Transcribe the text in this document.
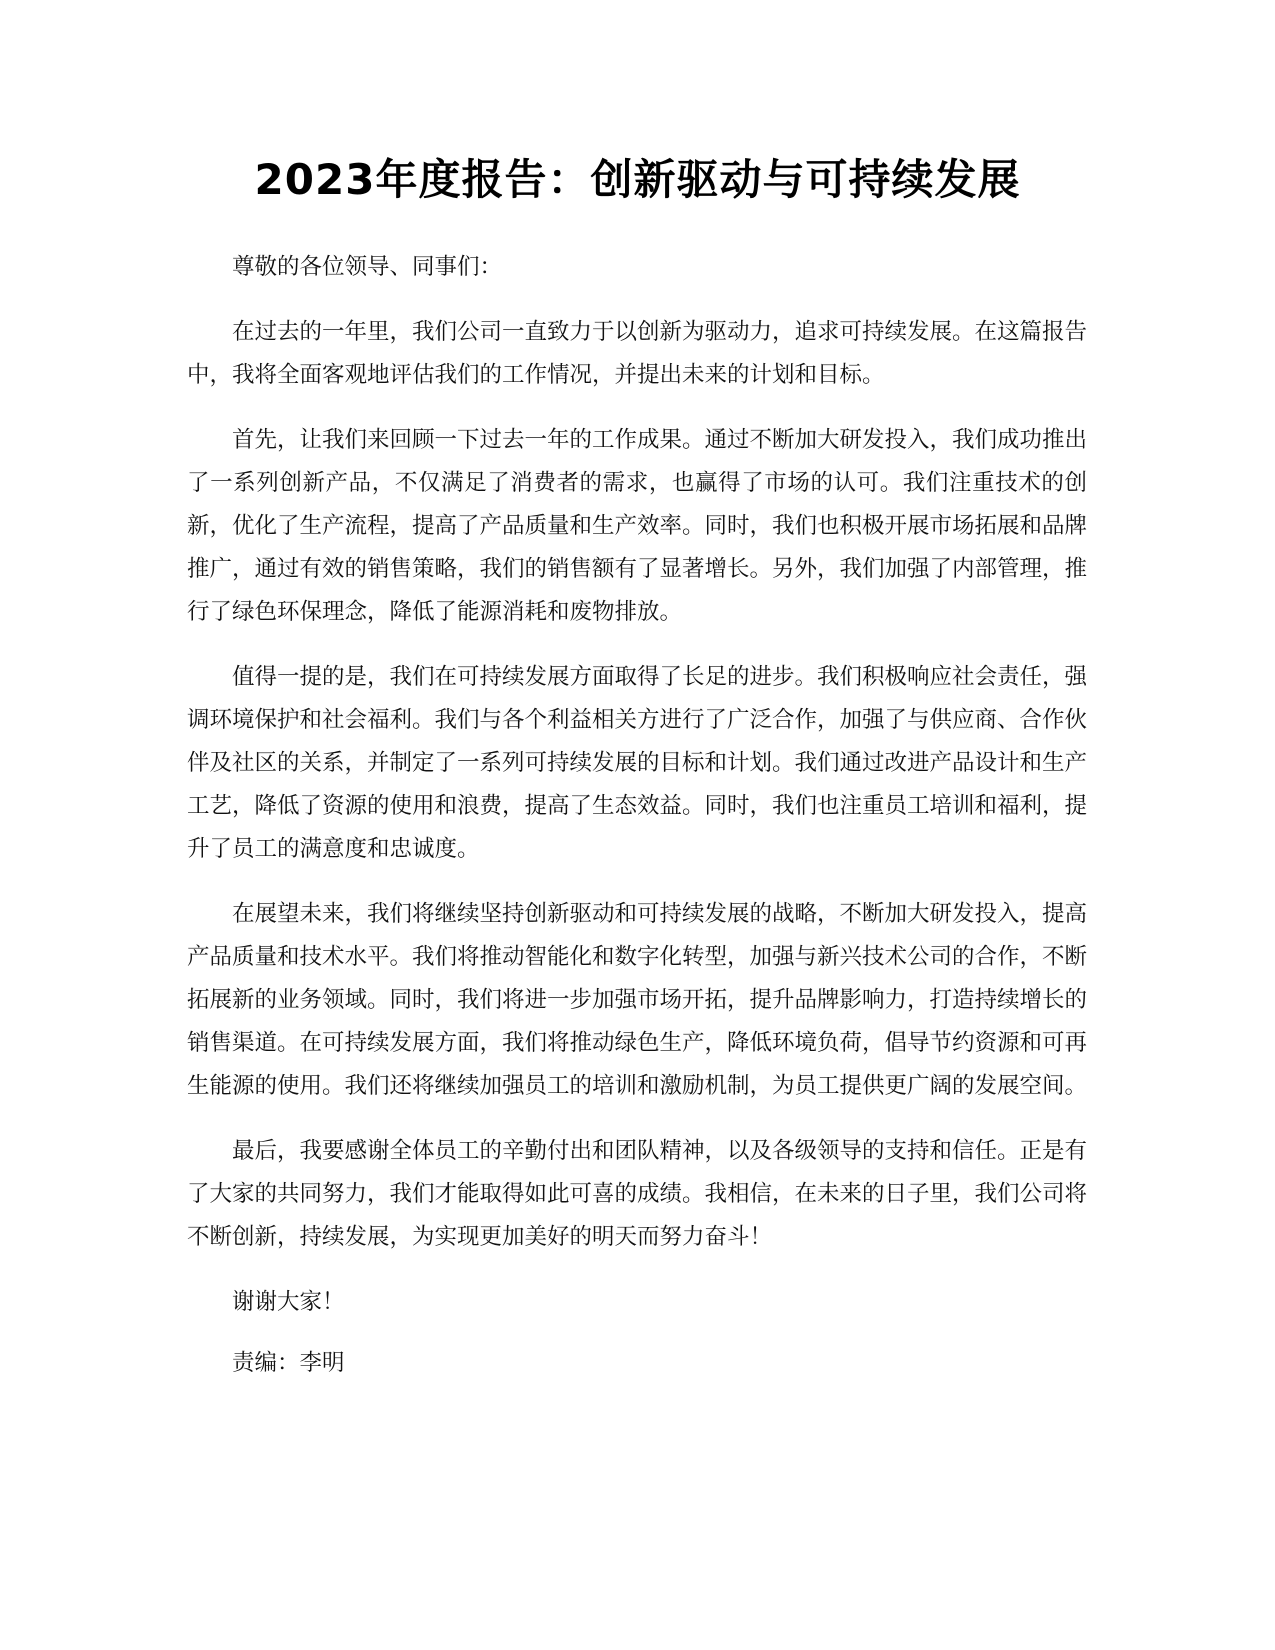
2023年度报告：创新驱动与可持续发展

尊敬的各位领导、同事们：

在过去的一年里，我们公司一直致力于以创新为驱动力，追求可持续发展。在这篇报告中，我将全面客观地评估我们的工作情况，并提出未来的计划和目标。

首先，让我们来回顾一下过去一年的工作成果。通过不断加大研发投入，我们成功推出了一系列创新产品，不仅满足了消费者的需求，也赢得了市场的认可。我们注重技术的创新，优化了生产流程，提高了产品质量和生产效率。同时，我们也积极开展市场拓展和品牌推广，通过有效的销售策略，我们的销售额有了显著增长。另外，我们加强了内部管理，推行了绿色环保理念，降低了能源消耗和废物排放。

值得一提的是，我们在可持续发展方面取得了长足的进步。我们积极响应社会责任，强调环境保护和社会福利。我们与各个利益相关方进行了广泛合作，加强了与供应商、合作伙伴及社区的关系，并制定了一系列可持续发展的目标和计划。我们通过改进产品设计和生产工艺，降低了资源的使用和浪费，提高了生态效益。同时，我们也注重员工培训和福利，提升了员工的满意度和忠诚度。

在展望未来，我们将继续坚持创新驱动和可持续发展的战略，不断加大研发投入，提高产品质量和技术水平。我们将推动智能化和数字化转型，加强与新兴技术公司的合作，不断拓展新的业务领域。同时，我们将进一步加强市场开拓，提升品牌影响力，打造持续增长的销售渠道。在可持续发展方面，我们将推动绿色生产，降低环境负荷，倡导节约资源和可再生能源的使用。我们还将继续加强员工的培训和激励机制，为员工提供更广阔的发展空间。

最后，我要感谢全体员工的辛勤付出和团队精神，以及各级领导的支持和信任。正是有了大家的共同努力，我们才能取得如此可喜的成绩。我相信，在未来的日子里，我们公司将不断创新，持续发展，为实现更加美好的明天而努力奋斗！

谢谢大家！

责编：李明
